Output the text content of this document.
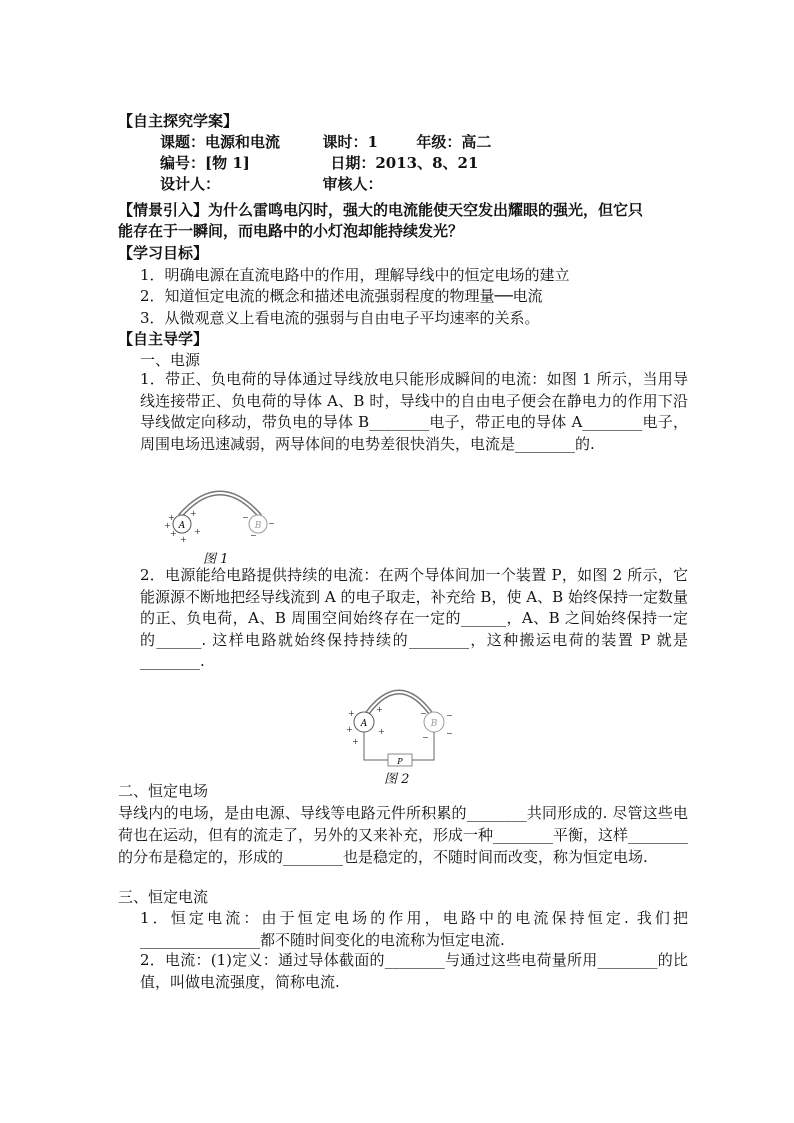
【自主探究学案】
课题：电源和电流	课时：1	年级：高二
编号：[物 1]	日期：2013、8、21
设计人：	审核人：
【情景引入】为什么雷鸣电闪时，强大的电流能使天空发出耀眼的强光，但它只
能存在于一瞬间，而电路中的小灯泡却能持续发光？
【学习目标】
1．明确电源在直流电路中的作用，理解导线中的恒定电场的建立
2．知道恒定电流的概念和描述电流强弱程度的物理量──电流
3．从微观意义上看电流的强弱与自由电子平均速率的关系。
【自主导学】
一、电源
1．带正、负电荷的导体通过导线放电只能形成瞬间的电流：如图 1 所示，当用导线连接带正、负电荷的导体 A、B 时，导线中的自由电子便会在静电力的作用下沿导线做定向移动，带负电的导体 B________电子，带正电的导体 A________电子，周围电场迅速减弱，两导体间的电势差很快消失，电流是________的.
A	B
+ +
+ +
+
+
−
−
−
图 1
2．电源能给电路提供持续的电流：在两个导体间加一个装置 P，如图 2 所示，它能源源不断地把经导线流到 A 的电子取走，补充给 B，使 A、B 始终保持一定数量的正、负电荷，A、B 周围空间始终存在一定的______，A、B 之间始终保持一定的______. 这样电路就始终保持持续的________，这种搬运电荷的装置 P 就是________.
A	B
P
+	+
+	+
+
− −
−
−
图 2
二、恒定电场
导线内的电场，是由电源、导线等电路元件所积累的________共同形成的. 尽管这些电荷也在运动，但有的流走了，另外的又来补充，形成一种________平衡，这样________的分布是稳定的，形成的________也是稳定的，不随时间而改变，称为恒定电场.
三、恒定电流
1．恒定电流：由于恒定电场的作用，电路中的电流保持恒定. 我们把________________都不随时间变化的电流称为恒定电流.
2．电流：(1)定义：通过导体截面的________与通过这些电荷量所用________的比值，叫做电流强度，简称电流.
